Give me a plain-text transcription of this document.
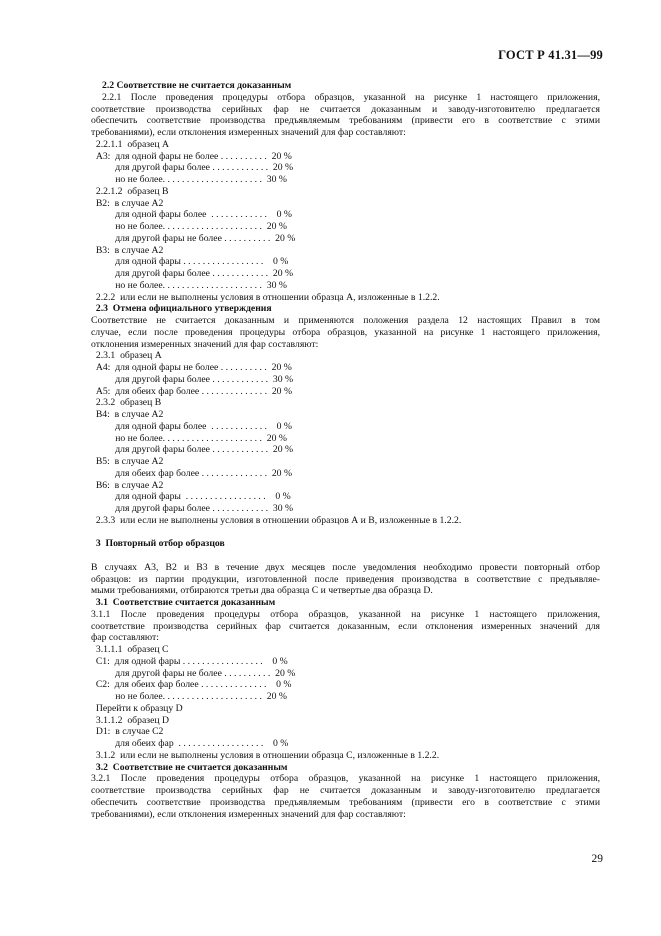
ГОСТ Р 41.31—99
2.2 Соответствие не считается доказанным
2.2.1 После проведения процедуры отбора образцов, указанной на рисунке 1 настоящего приложения,
соответствие производства серийных фар не считается доказанным и заводу-изготовителю предлагается
обеспечить соответствие производства предъявляемым требованиям (привести его в соответствие с этими
требованиями), если отклонения измеренных значений для фар составляют:
2.2.1.1  образец А
А3:  для одной фары не более . . . . . . . . . .  20 %
для другой фары более . . . . . . . . . . . .  20 %
но не более. . . . . . . . . . . . . . . . . . . . .  30 %
2.2.1.2  образец В
В2:  в случае А2
для одной фары более  . . . . . . . . . . . .    0 %
но не более. . . . . . . . . . . . . . . . . . . . .  20 %
для другой фары не более . . . . . . . . . .  20 %
В3:  в случае А2
для одной фары . . . . . . . . . . . . . . . . .    0 %
для другой фары более . . . . . . . . . . . .  20 %
но не более. . . . . . . . . . . . . . . . . . . . .  30 %
2.2.2  или если не выполнены условия в отношении образца А, изложенные в 1.2.2.
2.3  Отмена официального утверждения
Соответствие не считается доказанным и применяются положения раздела 12 настоящих Правил в том
случае, если после проведения процедуры отбора образцов, указанной на рисунке 1 настоящего приложения,
отклонения измеренных значений для фар составляют:
2.3.1  образец А
А4:  для одной фары не более . . . . . . . . . .  20 %
для другой фары более . . . . . . . . . . . .  30 %
А5:  для обеих фар более . . . . . . . . . . . . . .  20 %
2.3.2  образец В
В4:  в случае А2
для одной фары более  . . . . . . . . . . . .    0 %
но не более. . . . . . . . . . . . . . . . . . . . .  20 %
для другой фары более . . . . . . . . . . . .  20 %
В5:  в случае А2
для обеих фар более . . . . . . . . . . . . . .  20 %
В6:  в случае А2
для одной фары  . . . . . . . . . . . . . . . . .    0 %
для другой фары более . . . . . . . . . . . .  30 %
2.3.3  или если не выполнены условия в отношении образцов А и В, изложенные в 1.2.2.
3  Повторный отбор образцов
В случаях А3, В2 и В3 в течение двух месяцев после уведомления необходимо провести повторный отбор
образцов: из партии продукции, изготовленной после приведения производства в соответствие с предъявляе-
мыми требованиями, отбираются третьи два образца С и четвертые два образца D.
3.1  Соответствие считается доказанным
3.1.1 После проведения процедуры отбора образцов, указанной на рисунке 1 настоящего приложения,
соответствие производства серийных фар считается доказанным, если отклонения измеренных значений для
фар составляют:
3.1.1.1  образец С
С1:  для одной фары . . . . . . . . . . . . . . . . .    0 %
для другой фары не более . . . . . . . . . .  20 %
С2:  для обеих фар более . . . . . . . . . . . . . .    0 %
но не более. . . . . . . . . . . . . . . . . . . . .  20 %
Перейти к образцу D
3.1.1.2  образец D
D1:  в случае С2
для обеих фар  . . . . . . . . . . . . . . . . . .    0 %
3.1.2  или если не выполнены условия в отношении образца С, изложенные в 1.2.2.
3.2  Соответствие не считается доказанным
3.2.1 После проведения процедуры отбора образцов, указанной на рисунке 1 настоящего приложения,
соответствие производства серийных фар не считается доказанным и заводу-изготовителю предлагается
обеспечить соответствие производства предъявляемым требованиям (привести его в соответствие с этими
требованиями), если отклонения измеренных значений для фар составляют:
29
